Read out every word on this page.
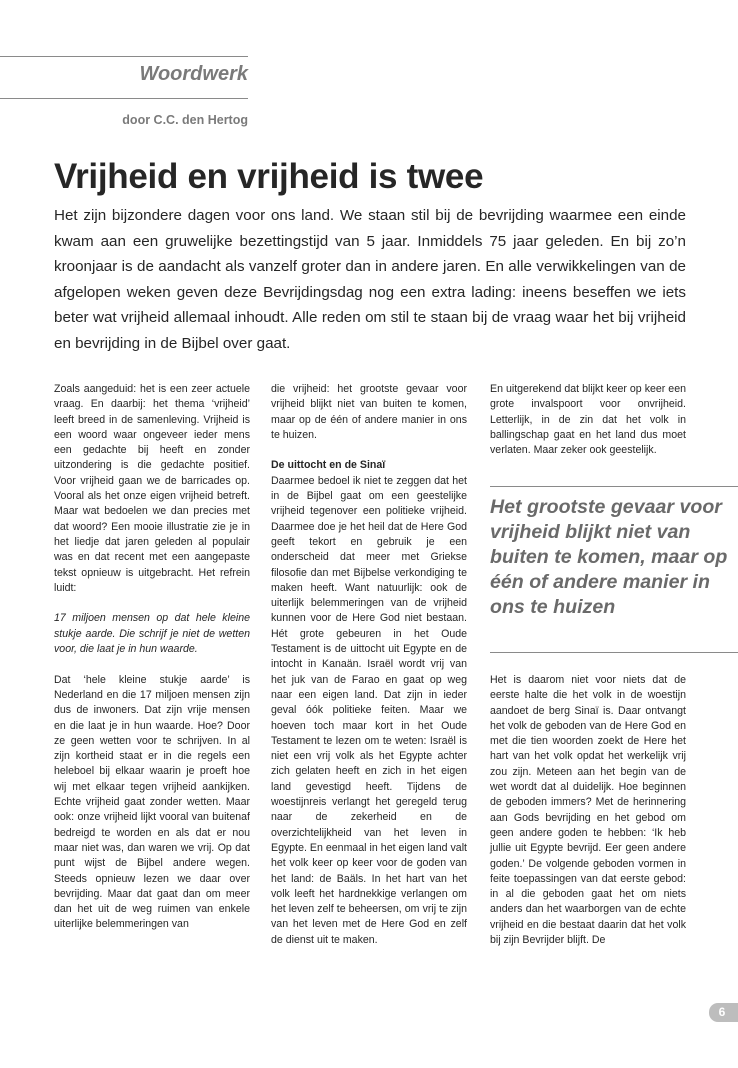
Woordwerk
door C.C. den Hertog
Vrijheid en vrijheid is twee
Het zijn bijzondere dagen voor ons land. We staan stil bij de bevrijding waarmee een einde kwam aan een gruwelijke bezettingstijd van 5 jaar. Inmiddels 75 jaar geleden. En bij zo’n kroonjaar is de aandacht als vanzelf groter dan in andere jaren. En alle verwikkelingen van de afgelopen weken geven deze Bevrijdingsdag nog een extra lading: ineens beseffen we iets beter wat vrijheid allemaal inhoudt. Alle reden om stil te staan bij de vraag waar het bij vrijheid en bevrijding in de Bijbel over gaat.

Zoals aangeduid: het is een zeer actuele vraag. En daarbij: het thema ‘vrijheid’ leeft breed in de samenleving. Vrijheid is een woord waar ongeveer ieder mens een gedachte bij heeft en zonder uitzondering is die gedachte positief. Voor vrijheid gaan we de barricades op. Vooral als het onze eigen vrijheid betreft. Maar wat bedoelen we dan precies met dat woord? Een mooie illustratie zie je in het liedje dat jaren geleden al populair was en dat recent met een aangepaste tekst opnieuw is uitgebracht. Het refrein luidt:

17 miljoen mensen op dat hele kleine stukje aarde. Die schrijf je niet de wetten voor, die laat je in hun waarde.

Dat ‘hele kleine stukje aarde’ is Nederland en die 17 miljoen mensen zijn dus de inwoners. Dat zijn vrije mensen en die laat je in hun waarde. Hoe? Door ze geen wetten voor te schrijven. In al zijn kortheid staat er in die regels een heleboel bij elkaar waarin je proeft hoe wij met elkaar tegen vrijheid aankijken. Echte vrijheid gaat zonder wetten. Maar ook: onze vrijheid lijkt vooral van buitenaf bedreigd te worden en als dat er nou maar niet was, dan waren we vrij. Op dat punt wijst de Bijbel andere wegen. Steeds opnieuw lezen we daar over bevrijding. Maar dat gaat dan om meer dan het uit de weg ruimen van enkele uiterlijke belemmeringen van

die vrijheid: het grootste gevaar voor vrijheid blijkt niet van buiten te komen, maar op de één of andere manier in ons te huizen.

De uittocht en de Sinaï
Daarmee bedoel ik niet te zeggen dat het in de Bijbel gaat om een geestelijke vrijheid tegenover een politieke vrijheid. Daarmee doe je het heil dat de Here God geeft tekort en gebruik je een onderscheid dat meer met Griekse filosofie dan met Bijbelse verkondiging te maken heeft. Want natuurlijk: ook de uiterlijk belemmeringen van de vrijheid kunnen voor de Here God niet bestaan. Hét grote gebeuren in het Oude Testament is de uittocht uit Egypte en de intocht in Kanaän. Israël wordt vrij van het juk van de Farao en gaat op weg naar een eigen land. Dat zijn in ieder geval óók politieke feiten. Maar we hoeven toch maar kort in het Oude Testament te lezen om te weten: Israël is niet een vrij volk als het Egypte achter zich gelaten heeft en zich in het eigen land gevestigd heeft. Tijdens de woestijnreis verlangt het geregeld terug naar de zekerheid en de overzichtelijkheid van het leven in Egypte. En eenmaal in het eigen land valt het volk keer op keer voor de goden van het land: de Baäls. In het hart van het volk leeft het hardnekkige verlangen om het leven zelf te beheersen, om vrij te zijn van het leven met de Here God en zelf de dienst uit te maken.

En uitgerekend dat blijkt keer op keer een grote invalspoort voor onvrijheid. Letterlijk, in de zin dat het volk in ballingschap gaat en het land dus moet verlaten. Maar zeker ook geestelijk.

Het grootste gevaar voor vrijheid blijkt niet van buiten te komen, maar op één of andere manier in ons te huizen

Het is daarom niet voor niets dat de eerste halte die het volk in de woestijn aandoet de berg Sinaï is. Daar ontvangt het volk de geboden van de Here God en met die tien woorden zoekt de Here het hart van het volk opdat het werkelijk vrij zou zijn. Meteen aan het begin van de wet wordt dat al duidelijk. Hoe beginnen de geboden immers? Met de herinnering aan Gods bevrijding en het gebod om geen andere goden te hebben: ‘Ik heb jullie uit Egypte bevrijd. Eer geen andere goden.’ De volgende geboden vormen in feite toepassingen van dat eerste gebod: in al die geboden gaat het om niets anders dan het waarborgen van de echte vrijheid en die bestaat daarin dat het volk bij zijn Bevrijder blijft. De

6
